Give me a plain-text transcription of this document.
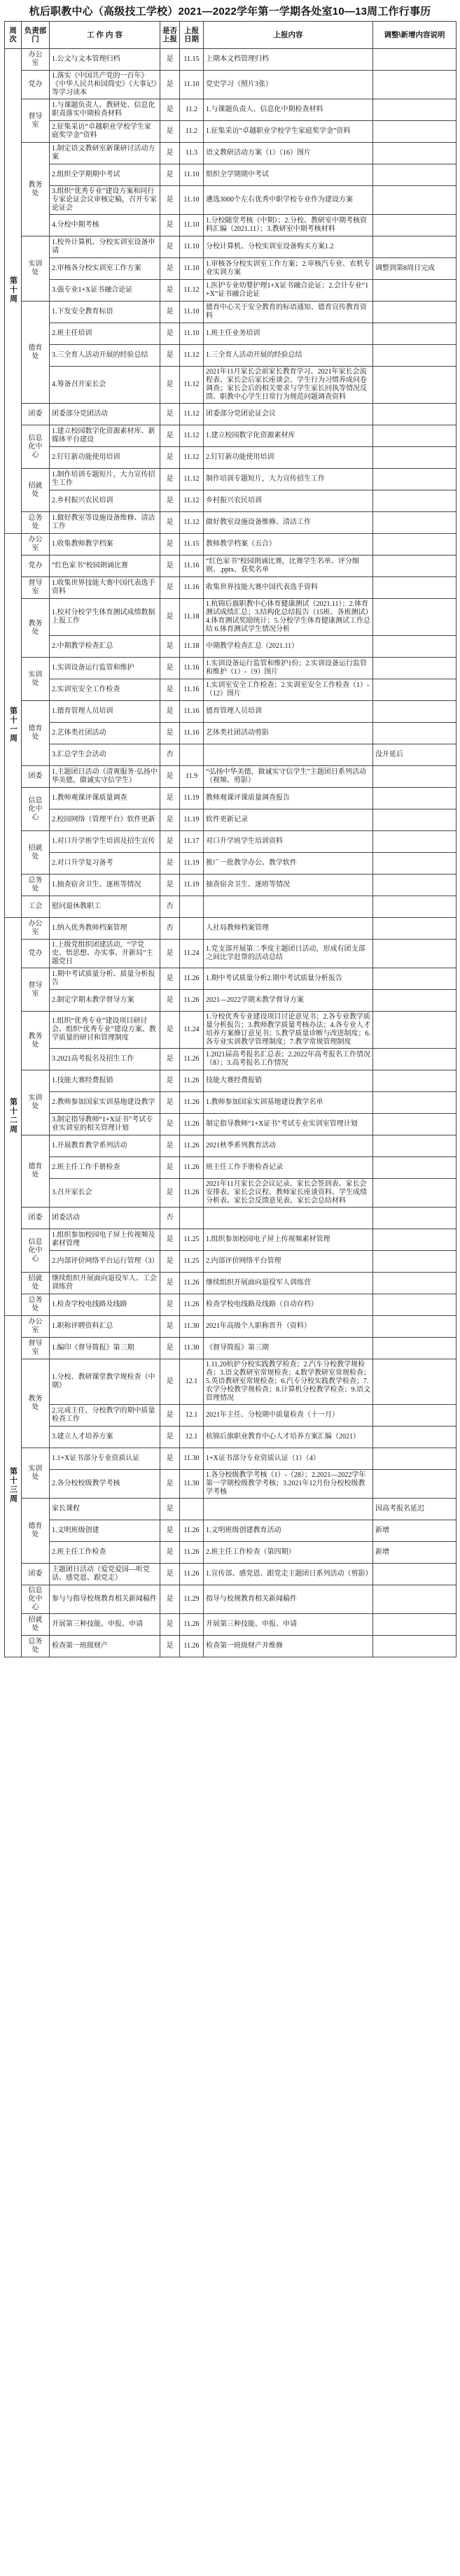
杭后职教中心（高级技工学校）2021—2022学年第一学期各处室10—13周工作行事历
周次	负责部门	工 作 内 容	是否上报	上报日期	上报内容	调整\新增内容说明
第十周	办公室	1.公文与文本管理归档	是	11.15	上期本文档管理归档	
	党办	1.落实《中国共产党的一百年》《中华人民共和国简史》《大事记》等学习读本	是	11.10	党史学习（照片3张）	
	督导室	1.与课题负责人、教研处、信息化职责落实中期检查材料	是	11.2	1.与课题负责人、信息化中期检查材料	
		2.征集采访“卓越职业学校学生家庭奖学金”资料	是	11.2	1.征集采访“卓越职业学校学生家庭奖学金”资料	
	教务处	1.制定语文教研室新课研讨活动方案	是	11.3	语文教研活动方案（1）（16）图片	
		2.组织全学期期中考试	是	11.10	组织全学期期中考试	
		3.组织“优秀专业”建设方案和同行专家论证会议审核定稿，召开专家论证会	是	11.10	遴选3000个左右优秀中职学校专业作为建设方案	
		4.分校中期考核	是	11.10	1.分校随堂考核（中期）；2.分校、教研室中期考核资料汇编（2021.11）；3.教研室中期考核材料	
	实训处	1.校外计算机、分校实训室设备申请	是	11.10	分校计算机、分校实训室设备购买方案1.2	
		2.审核各分校实训室工作方案	是	11.10	1.审核各分校实训室工作方案；2.审核汽专业、农机专业实训方案	调整到第8周日完成
		3.强专业1+X证书融合论证	是	11.12	1.医护专业幼婴护理1+X证书融合论证；2.会计专业“1+X”证书融合论证	
	德育处	1.下发安全教育标语	是	11.10	德育中心关于安全教育的标语通知、德育宣传教育资料	
		2.班主任培训	是	11.10	1.班主任业务培训	
		3.三全育人活动开展的经验总结	是	11.12	1.三全育人活动开展的经验总结	
		4.筹备召开家长会	是	11.12	2021年11月家长会前家长教育学习、2021年家长会流程表、家长会后家长座谈会、学生行为习惯养成问卷调查；家长会后的相关要求与学生家长回执等情况反馈、职教中心学生日常行为规范问题调查资料	
	团委	团委部分党团活动	是	11.12	团委部分党团论证会议	
	信息化中心	1.建立校园数字化资源素材库、新媒体平台建设	是	11.12	1.建立校园数字化资源素材库	
		2.钉钉新功能使用培训	是	11.12	2.钉钉新功能使用培训	
	招就处	1.制作培训专题短片，大力宣传招生工作	是	11.12	制作培训专题短片，大力宣传招生工作	
		2.乡村振兴农民培训	是	11.12	乡村振兴农民培训	
	总务处	1.做好教室等设施设备维修、清洁工作	是	11.12	做好教室设施设备维修、清洁工作	
第十一周	办公室	1.收集教师教学档案	是	11.15	教师教学档案（五合）	
	党办	“红色家书”校园朗诵比赛	是	11.16	“红色家书”校园朗诵比赛，比赛学生名单、评分细则、.pptx、获奖名单	
	督导室	1.收集世界技能大赛中国代表选手资料	是	11.16	收集世界技能大赛中国代表选手资料	
	教务处	1.校对分校学生体育测试成绩数据上报工作	是	11.18	1.杭锦后旗职教中心体育健康测试（2021.11）；2.体育测试成绩汇总；3.结构化总结报告（15班、各班测试）4.体育测试奖励统计；5.分校学生体育健康测试工作总结 6.体育测试学生情况分析	
		2.中期教学检查汇总	是	11.18	中期教学检查汇总（2021.11）	
	实训处	1.实训设备运行监管和维护	是	11.16	1.实训设备运行监管和维护1份；2.实训设备运行监管和维护（1）-（9）图片	
		2.实训室安全工作检查	是	11.16	1.实训室安全工作检查；2.实训室安全工作检查（1）-（12）图片	
	德育处	1.德育管理人员培训	是	11.16	德育管理人员培训	
		2.艺体类社团活动	是	11.16	艺体类社团活动剪影	
		3.汇总学生会活动	否			没开延后
	团委	1.主题团日活动（清爽服务·弘扬中华美德，做诚实守信学生）	是	11.9	“弘扬中华美德，做诚实守信学生”主题团日系列活动（视频、剪影）	
	信息化中心	1.教师观课评课质量调查	是	11.19	教师观课评课质量调查报告	
		2.校园网络（管理平台）软件更新	是	11.19	软件更新记录	
	招就处	1.对口升学班学生培训及招生宣传	是	11.17	对口升学班学生培训资料	
		2.对口升学复习备考	是	11.19	推广一批教学办公、教学软件	
	总务处	1.抽查宿舍卫生、逐班等情况	是	11.19	抽查宿舍卫生、逐班等情况	
	工会	慰问退休教职工	否			
第十二周	办公室	1.纳入优秀教师档案管理	否		人社局教师档案管理	
	党办	1.上级党组织团建活动，“学党史、悟思想、办实事、开新局”主题党日	是	11.24	1.党支部开展第二季度主题团日活动，形成有团支部之间比学赶帮的活动总结	
	督导室	1.期中考试质量分析、质量分析报告	是	11.26	1.期中考试质量分析2.期中考试质量分析报告	
		2.制定学期末教学督导方案	是	11.26	2021—2022学期末教学督导方案	
	教务处	1.组织“优秀专业”建设项目研讨会、组织“优秀专业”建设方案、教学质量的研讨和管理制度	是	11.24	1.分校优秀专业建设项目讨论意见书；2.各专业教学质量分析报告；3.教师教学质量考核办法；4.各专业人才培养方案修订意见书；5.教学质量诊断与改进制度；6.各专业实训教学管理制度；7.教学常规管理制度	
		3.2021高考报名及招生工作	是	11.26	1.2021届高考报名汇总表；2.2022年高考报名工作情况（8）；3.高考报名工作情况	
	实训处	1.技能大赛经费报销	是	11.26	技能大赛经费报销	
		2.教师参加国家实训基地建设教学	是	11.26	1.教师参加国家实训基地建设教学名单	
		3.制定指导教师“1+X证书”考试专业实训室的相关管理计划	是	11.26	制定指导教师“1+X证书”考试专业实训室管理计划	
	德育处	1.开展教育教学系列活动	是	11.26	2021秋季系列教育活动	
		2.班主任工作手册检查	是	11.26	班主任工作手册检查记录	
		3.召开家长会	是	11.26	2021年11月家长会会议记录、家长会签到表、家长会安排表、家长会议程、教师家长座谈资料、学生成绩分析表、家长会反馈意见表、家长会总结材料	
	团委	团委活动	否			
	信息化中心	1.组织参加校园电子屏上传视频及素材管理	是	11.25	1.组织参加校园电子屏上传视频素材管理	
		2.内部评价网络平台运行管理（3）	是	11.25	2.内部评价网络平台管理	
	招就处	继续组织开展面向退役军人、工会训练营	是	11.26	继续组织开展面向退役军人训练营	
	总务处	1.检查学校电线路及线路	是	11.26	检查学校电线路及线路（自动存档）	
第十三周	办公室	1.职称评聘资料汇总	是	11.30	2021年高级个人职称晋升（资料）	
	督导室	1.编印《督导简报》第三期	是	11.30	《督导简报》第三期	
	教务处	1.分校、教研课堂教学规检查（中期）	是	12.1	1.11.20杭护分校实践教学检查；2.汽车分校教学规检查；3.语文教研室常规检查；4.数学教研室常规检查；5.英语教研室常规检查；6.汽专分校实践教学检查；7.农学分校教学规检查；8.计算机分校教学检查；9.语文管理情况	
		2.完成主任、分校教学的期中质量检查工作	是	12.1	2021年主任、分校期中质量检查（十一月）	
		3.建立人才培养方案	是	12.1	杭锦后旗职业教育中心人才培养方案汇编（2021）	
	实训处	1.1+X证书部分专业资质认证	是	11.30	1+X证书部分专业资质认证（1）（4）	
		2.各分校校级教学考核	是	11.30	1.各分校级教学考核（1）-（28）；2.2021—2022学年第一学期校级教学考核；3.2021年12月份分校校级教学考核	
	德育处	家长课程	是			因高考报名延迟
		1.文明班级创建	是	11.26	1.文明班级创建教育活动	新增
		2.班主任工作检查	是	11.26	2.班主任工作检查（第四期）	新增
	团委	主题团日活动（爱党爱国—听党话、感党恩、跟党走）	是	11.26	1.宣传部、感党恩、跟党走主题团日系列活动（剪影）	
	信息化中心	参与与指导校规教育相关新闻稿件	是	11.29	指导与校规教育相关新闻稿件	
	招就处	开展第三种技能、申报、申请	是	11.26	开展第三种技能、申报、申请	
	总务处	检查第一班级财产	是	11.26	检查第一班级财产并维修	
